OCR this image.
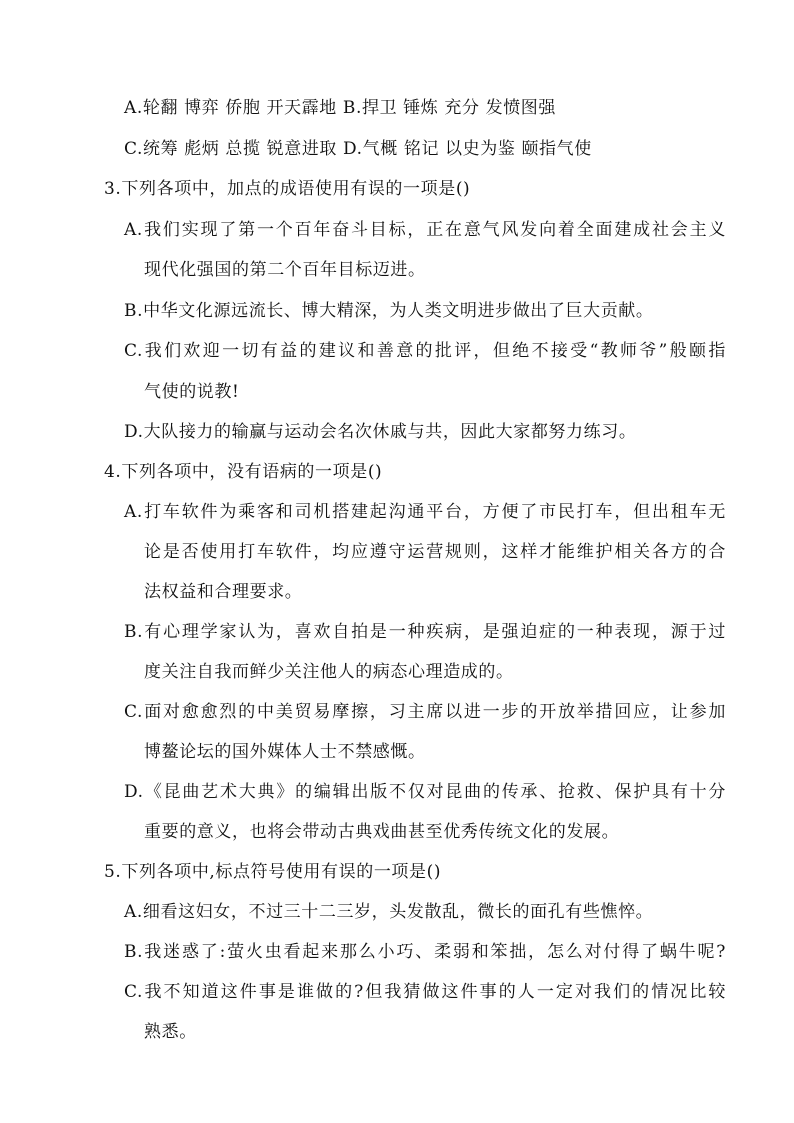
A.轮翻 博弈 侨胞 开天霹地 B.捍卫 锤炼 充分 发愤图强
C.统筹 彪炳 总揽 锐意进取 D.气概 铭记 以史为鉴 颐指气使
3.下列各项中，加点的成语使用有误的一项是()
A.我们实现了第一个百年奋斗目标，正在意气风发向着全面建成社会主义
现代化强国的第二个百年目标迈进。
B.中华文化源远流长、博大精深，为人类文明进步做出了巨大贡献。
C.我们欢迎一切有益的建议和善意的批评，但绝不接受“教师爷”般颐指
气使的说教!
D.大队接力的输赢与运动会名次休戚与共，因此大家都努力练习。
4.下列各项中，没有语病的一项是()
A.打车软件为乘客和司机搭建起沟通平台，方便了市民打车，但出租车无
论是否使用打车软件，均应遵守运营规则，这样才能维护相关各方的合
法权益和合理要求。
B.有心理学家认为，喜欢自拍是一种疾病，是强迫症的一种表现，源于过
度关注自我而鲜少关注他人的病态心理造成的。
C.面对愈愈烈的中美贸易摩擦，习主席以进一步的开放举措回应，让参加
博鳌论坛的国外媒体人士不禁感慨。
D.《昆曲艺术大典》的编辑出版不仅对昆曲的传承、抢救、保护具有十分
重要的意义，也将会带动古典戏曲甚至优秀传统文化的发展。
5.下列各项中,标点符号使用有误的一项是()
A.细看这妇女，不过三十二三岁，头发散乱，微长的面孔有些憔悴。
B.我迷惑了:萤火虫看起来那么小巧、柔弱和笨拙，怎么对付得了蜗牛呢?
C.我不知道这件事是谁做的?但我猜做这件事的人一定对我们的情况比较
熟悉。
